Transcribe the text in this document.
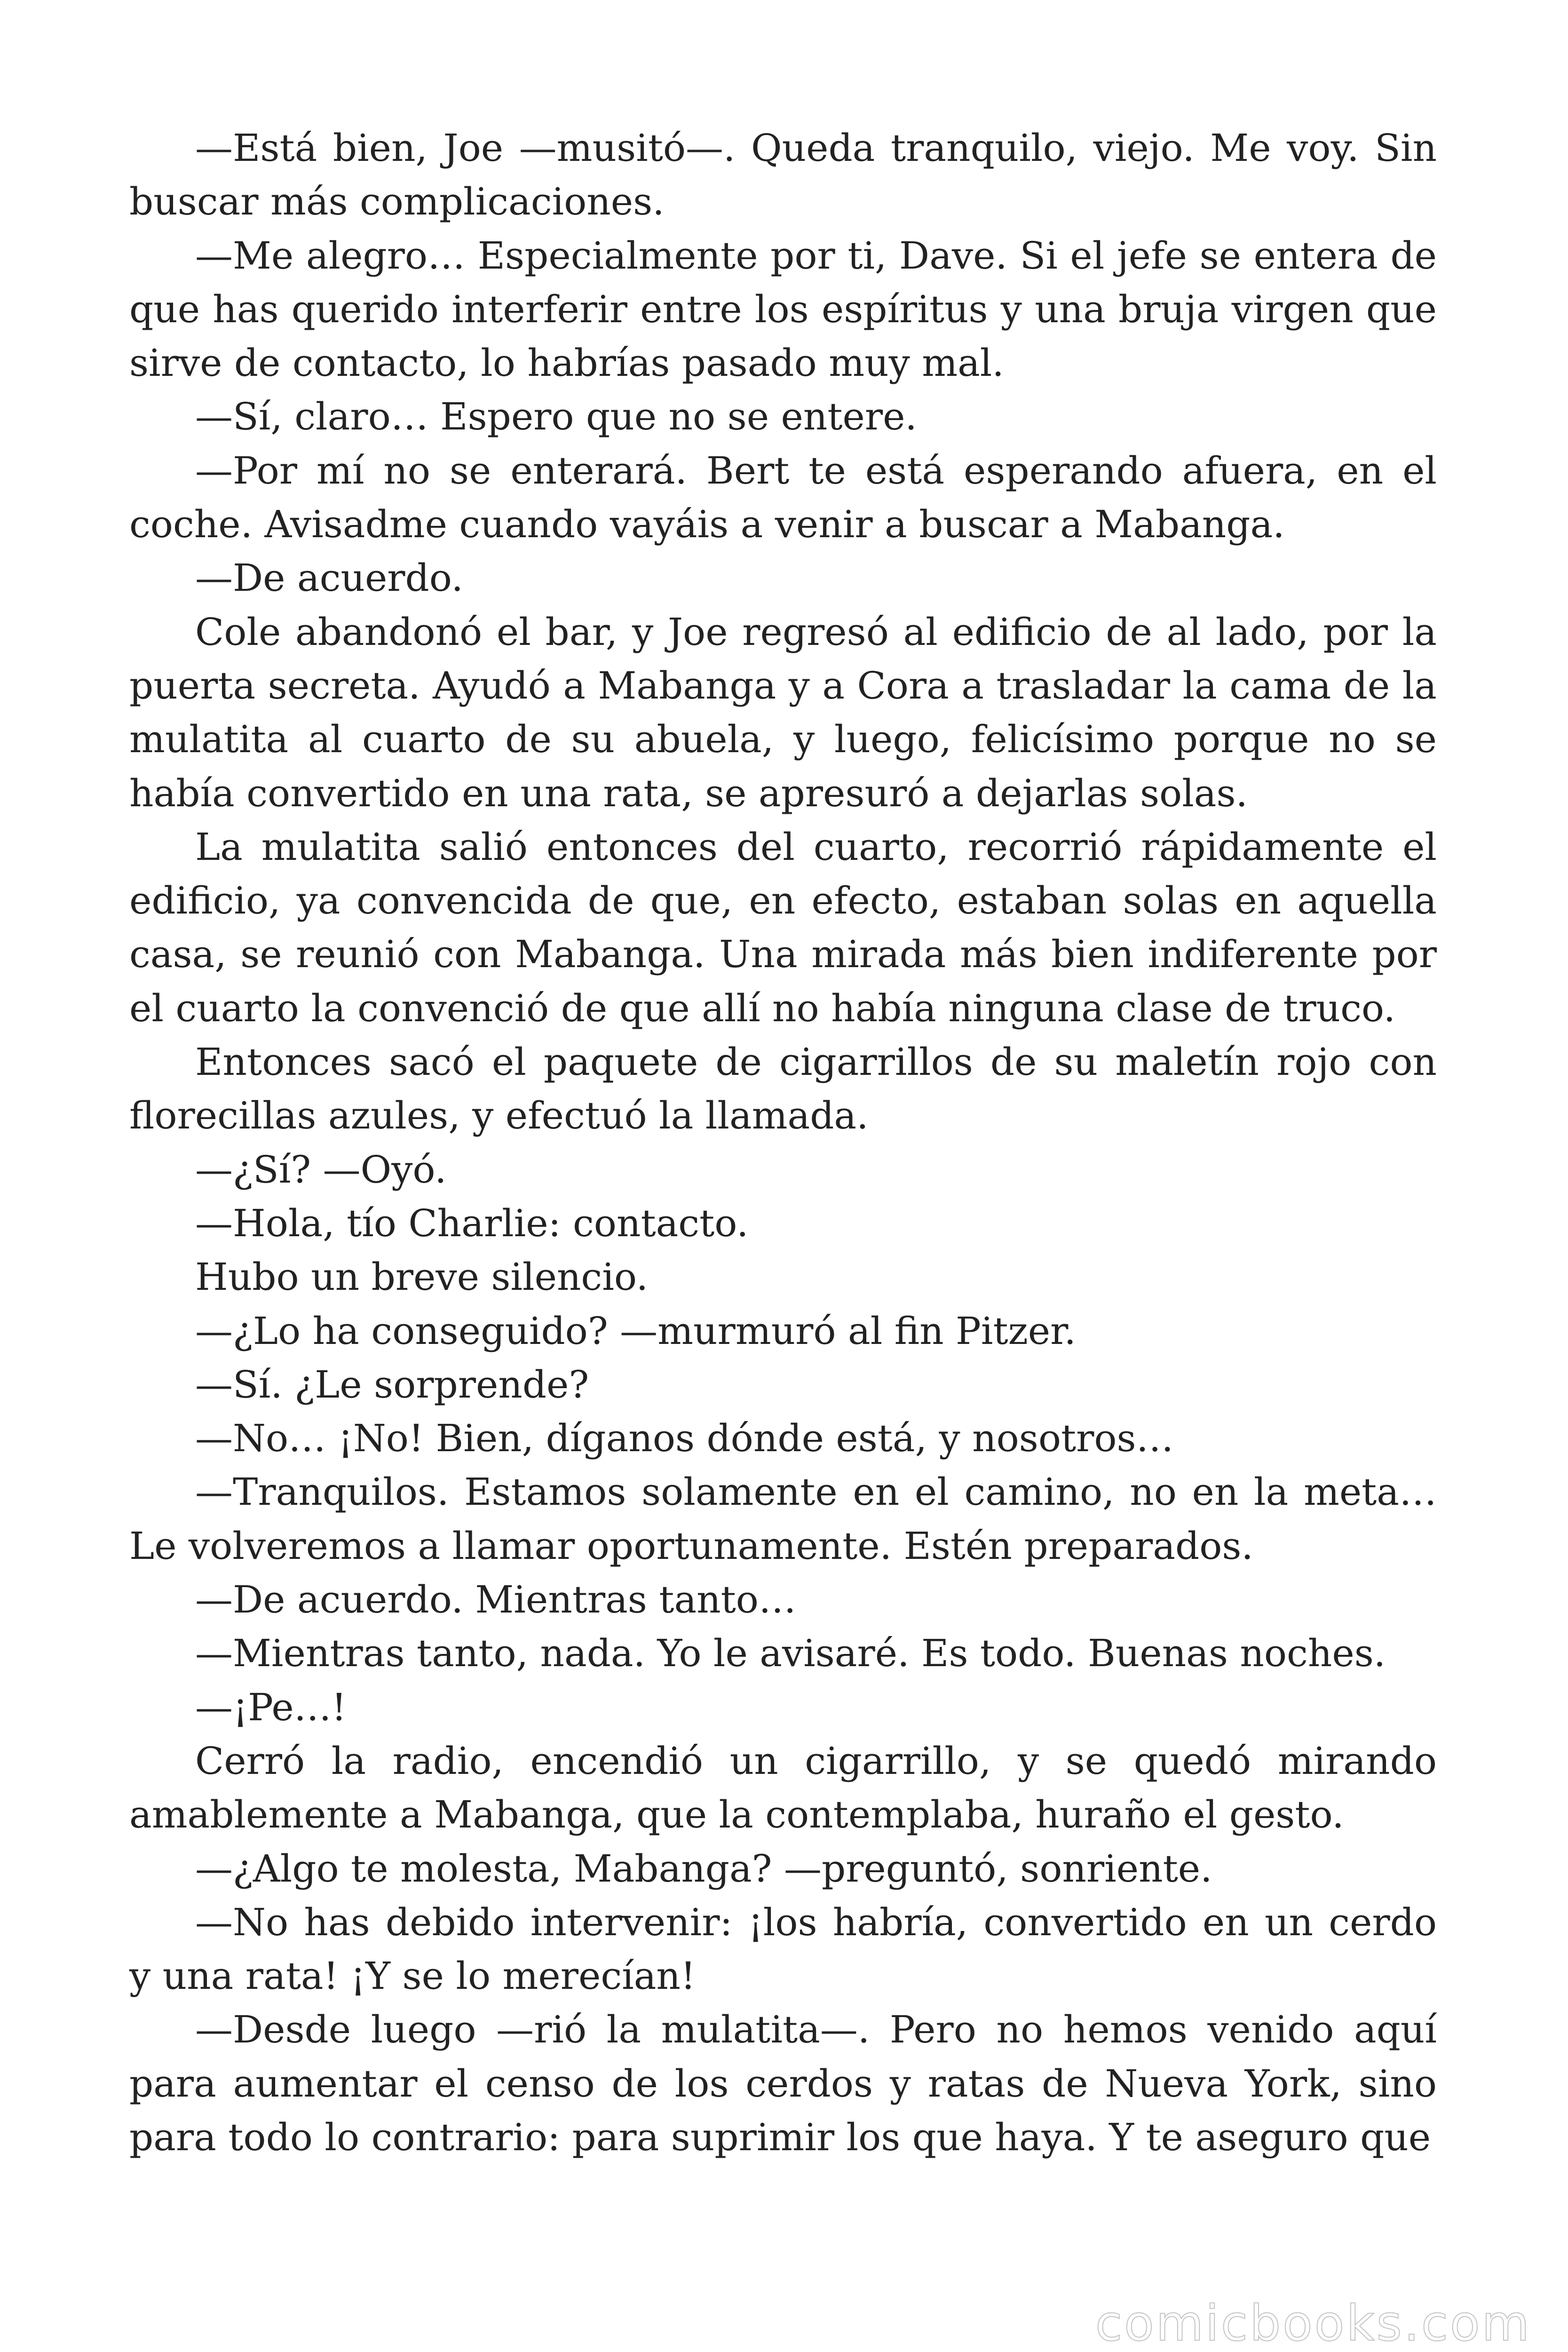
—Está bien, Joe —musitó—. Queda tranquilo, viejo. Me voy. Sin buscar más complicaciones.

—Me alegro… Especialmente por ti, Dave. Si el jefe se entera de que has querido interferir entre los espíritus y una bruja virgen que sirve de contacto, lo habrías pasado muy mal.

—Sí, claro… Espero que no se entere.

—Por mí no se enterará. Bert te está esperando afuera, en el coche. Avisadme cuando vayáis a venir a buscar a Mabanga.

—De acuerdo.

Cole abandonó el bar, y Joe regresó al edificio de al lado, por la puerta secreta. Ayudó a Mabanga y a Cora a trasladar la cama de la mulatita al cuarto de su abuela, y luego, felicísimo porque no se había convertido en una rata, se apresuró a dejarlas solas.

La mulatita salió entonces del cuarto, recorrió rápidamente el edificio, ya convencida de que, en efecto, estaban solas en aquella casa, se reunió con Mabanga. Una mirada más bien indiferente por el cuarto la convenció de que allí no había ninguna clase de truco.

Entonces sacó el paquete de cigarrillos de su maletín rojo con florecillas azules, y efectuó la llamada.

—¿Sí? —Oyó.

—Hola, tío Charlie: contacto.

Hubo un breve silencio.

—¿Lo ha conseguido? —murmuró al fin Pitzer.

—Sí. ¿Le sorprende?

—No… ¡No! Bien, díganos dónde está, y nosotros…

—Tranquilos. Estamos solamente en el camino, no en la meta… Le volveremos a llamar oportunamente. Estén preparados.

—De acuerdo. Mientras tanto…

—Mientras tanto, nada. Yo le avisaré. Es todo. Buenas noches.

—¡Pe…!

Cerró la radio, encendió un cigarrillo, y se quedó mirando amablemente a Mabanga, que la contemplaba, huraño el gesto.

—¿Algo te molesta, Mabanga? —preguntó, sonriente.

—No has debido intervenir: ¡los habría, convertido en un cerdo y una rata! ¡Y se lo merecían!

—Desde luego —rió la mulatita—. Pero no hemos venido aquí para aumentar el censo de los cerdos y ratas de Nueva York, sino para todo lo contrario: para suprimir los que haya. Y te aseguro que

comicbooks.com
